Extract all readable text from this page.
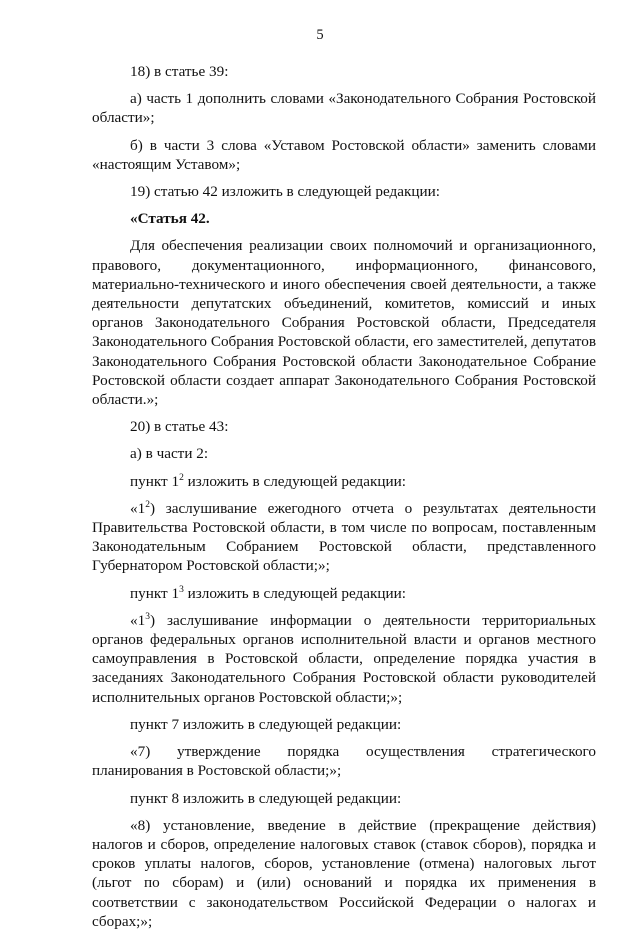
5

18) в статье 39:

а) часть 1 дополнить словами «Законодательного Собрания Ростовской области»;

б) в части 3 слова «Уставом Ростовской области» заменить словами «настоящим Уставом»;

19) статью 42 изложить в следующей редакции:

«Статья 42.

Для обеспечения реализации своих полномочий и организационного, правового, документационного, информационного, финансового, материально-технического и иного обеспечения своей деятельности, а также деятельности депутатских объединений, комитетов, комиссий и иных органов Законодательного Собрания Ростовской области, Председателя Законодательного Собрания Ростовской области, его заместителей, депутатов Законодательного Собрания Ростовской области Законодательное Собрание Ростовской области создает аппарат Законодательного Собрания Ростовской области.»;

20) в статье 43:

а) в части 2:

пункт $1^2$ изложить в следующей редакции:

«$1^2$) заслушивание ежегодного отчета о результатах деятельности Правительства Ростовской области, в том числе по вопросам, поставленным Законодательным Собранием Ростовской области, представленного Губернатором Ростовской области;»;

пункт $1^3$ изложить в следующей редакции:

«$1^3$) заслушивание информации о деятельности территориальных органов федеральных органов исполнительной власти и органов местного самоуправления в Ростовской области, определение порядка участия в заседаниях Законодательного Собрания Ростовской области руководителей исполнительных органов Ростовской области;»;

пункт 7 изложить в следующей редакции:

«7) утверждение порядка осуществления стратегического планирования в Ростовской области;»;

пункт 8 изложить в следующей редакции:

«8) установление, введение в действие (прекращение действия) налогов и сборов, определение налоговых ставок (ставок сборов), порядка и сроков уплаты налогов, сборов, установление (отмена) налоговых льгот (льгот по сборам) и (или) оснований и порядка их применения в соответствии с законодательством Российской Федерации о налогах и сборах;»;
